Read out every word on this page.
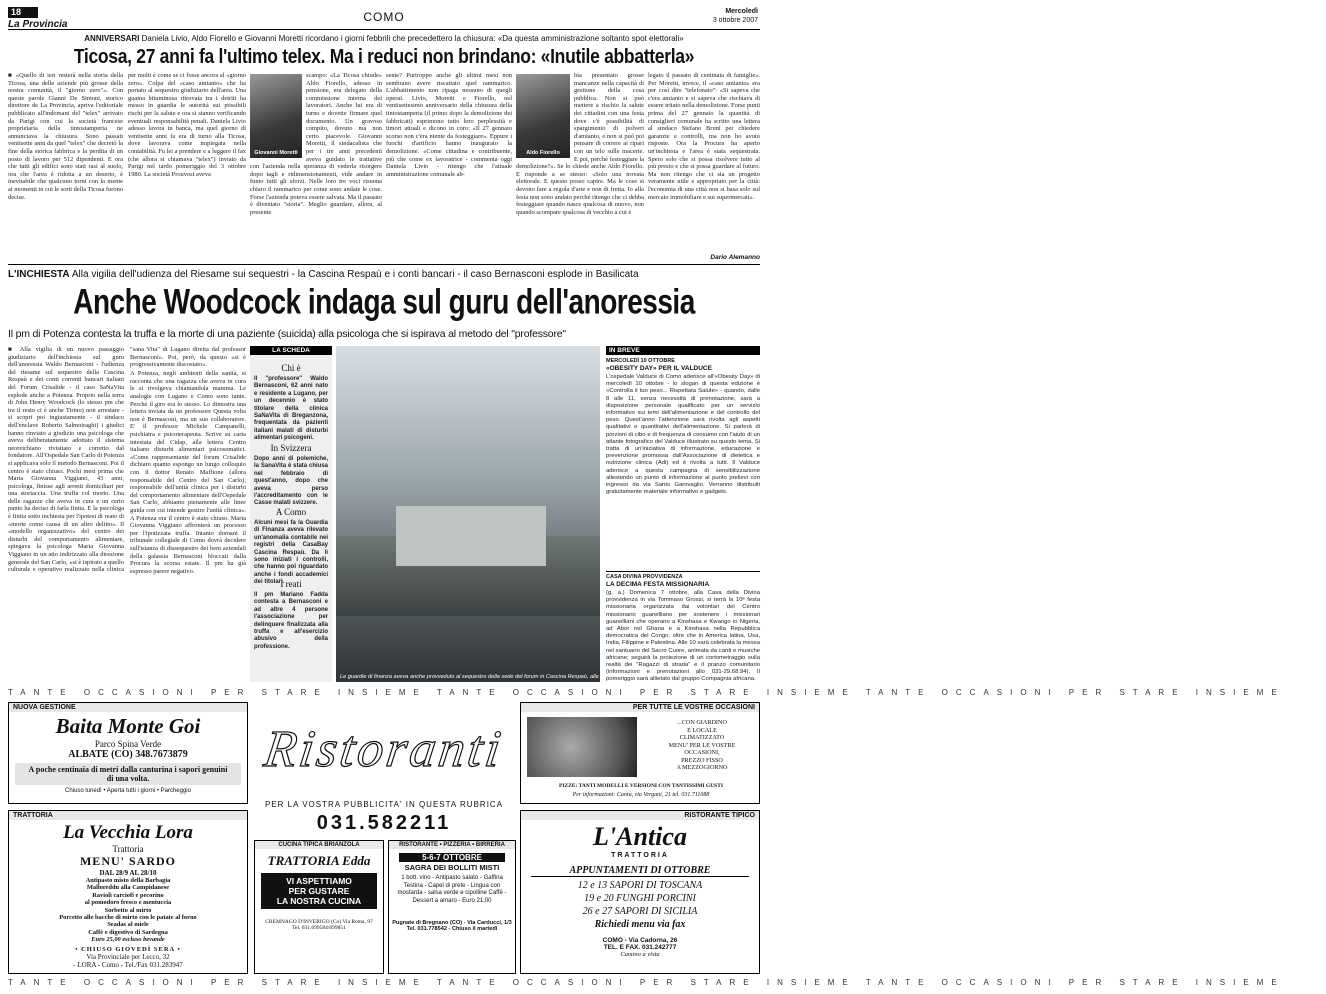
18
La Provincia
COMO	Mercoledì
3 ottobre 2007
ANNIVERSARI Daniela Livio, Aldo Fiorello e Giovanni Moretti ricordano i giorni febbrili che precedettero la chiusura: «Da questa amministrazione soltanto spot elettorali»
Ticosa, 27 anni fa l'ultimo telex. Ma i reduci non brindano: «Inutile abbatterla»

■ «Quello di ieri resterà nella storia della Ticosa, una delle aziende più grosse della nostra comunità, il "giorno zero"». Con queste parole Gianni De Simoni, storico direttore de La Provincia, apriva l'editoriale pubblicato all'indomani del "telex" arrivato da Parigi con cui la società francese proprietaria della tintostamperia ne annunciava la chiusura. Sono passati ventisette anni da quel "telex" che decretò la fine della storica fabbrica e la perdita di un posto di lavoro per 512 dipendenti. E ora che tutti gli edifici sono stati rasi al suolo, ora che l'area è ridotta a un deserto, è inevitabile che qualcuno torni con la mente ai momenti in cui le sorti della Ticosa furono decise.

per molti è come se ci fosse ancora al «giorno zero». Colpa del «caso amianto» che ha portato al sequestro giudiziario dell'area. Una guaina bituminosa ritrovata tra i detriti ha messo in guardia le autorità sui possibili rischi per la salute e ora si stanno verificando eventuali responsabilità penali. Daniela Livio adesso lavora in banca, ma quel giorno di ventisette anni fa era di turno alla Ticosa, dove lavorava come impiegata nella contabilità. Fu lei a prendere e a leggere il fax (che allora si chiamava "telex") inviato da Parigi nel tardo pomeriggio del 3 ottobre 1980. La società Prouvost aveva

Giovanni Moretti

scampo: «La Ticosa chiude» Aldo Fiorello, adesso in pensione, era delegato della commissione interna dei lavoratori. Anche lui era di turno e dovette firmare quel documento. Un gravoso compito, dovuto ma non certo piacevole. Giovanni Moretti, il sindacalista che per i tre anni precedenti aveva guidato le trattative con l'azienda nella speranza di vederla risorgere dopo tagli e ridimensionamenti, vide andare in fumo tutti gli sforzi. Nelle loro tre voci risuona chiaro il rammarico per come sono andate le cose. Forse l'azienda poteva essere salvata. Ma il passato è diventato "storia". Meglio guardare, allora, al presente

sente? Purtroppo anche gli ultimi mesi non sembrano avere riscattato quel rammarico. L'abbattimento non ripaga nessuno di quegli operai. Livio, Moretti e Fiorello, nel ventisettesimo anniversario della chiusura della tintostamperia (il primo dopo la demolizione dei fabbricati) esprimono tutto loro perplessità e timori attuali e dicono in coro: «Il 27 gennaio scorso non c'era niente da festeggiare». Eppure i fuochi d'artificio hanno inaugurato la demolizione. «Come cittadina e contribuente, più che come ex lavoratrice - commenta oggi Daniela Livio - ritengo che l'attuale amministrazione comunale ab-

bia presentato grosse mancanze nella capacità di gestione della cosa pubblica. Non si può mettere a rischio la salute dei cittadini con una festa dove c'è possibilità di spargimento di polveri d'amianto, e non si può poi pensare di correre ai ripari con un telo sulle macerie. E poi, perché festeggiare la demolizione?». Se lo chiede anche Aldo Fiorello. E risponde a se stesso: «Solo una trovata elettorale. E questo posso capire. Ma le cose si devono fare a regola d'arte e non di fretta. Io alla festa non sono andato perché ritengo che ci debba festeggiare quando nasce qualcosa di nuovo, non quando scompare qualcosa di vecchio a cui è

Aldo Fiorello

legato il passato di centinaia di famiglie». Per Moretti, invece, il «caso amianto» era per così dire "telefonato": «Si sapeva che c'era amianto e si sapeva che rischiava di essere tritato nella demolizione. Forse punti prima del 27 gennaio la quantità di consiglieri comunale ha scritto una lettera al sindaco Stefano Bruni per chiedere garanzie e controlli, ma non ho avuto risposte. Ora la Procura ha aperto un'inchiesta e l'area è stata sequestrata. Spero solo che si possa risolvere tutto al più presto e che si possa guardare al futuro. Ma non ritengo che ci sia un progetto veramente utile e appropriato per la città: l'economia di una città non si basa solo sul mercato immobiliare e sui supermercati».

Dario Alemanno
L'INCHIESTA Alla vigilia dell'udienza del Riesame sui sequestri - la Cascina Respaù e i conti bancari - il caso Bernasconi esplode in Basilicata
Anche Woodcock indaga sul guru dell'anoressia
Il pm di Potenza contesta la truffa e la morte di una paziente (suicida) alla psicologa che si ispirava al metodo del "professore"

■ Alla vigilia di un nuovo passaggio giudiziario dell'inchiesta sul guru dell'anoressia Waldo Bernasconi - l'udienza del riesame sul sequestro della Cascina Respaù e dei conti correnti bancari italiani del Forum Crisalide - il caso SaNaVita esplode anche a Potenza. Proprio nella terra di John Henry Woodcock (lo stesso pm che tra il resto ci è anche Tirino) non arrestare - si scopri poi ingiustamente - il sindaco dell'enclave Roberto Salmoiraghi) i giudici hanno rinviato a giudizio una psicologa che aveva deliberatamente adottato il sistema neoreichiano rivisitato e corretto dal fondatore. All'Ospedale San Carlo di Potenza si applicava solo il metodo Bernasconi. Poi il centro è stato chiuso. Pochi mesi prima che Maria Giovanna Viggiano, 43 anni, psicologa, finisse agli arresti domiciliari per una storiaccia. Una truffa col morto. Una delle ragazze che aveva in cura e un certo punto ha deciso di farla finita. E la psicologa è finita sotto inchiesta per l'ipotesi di reato di «morte come causa di un altro delitto». Il «modello organizzativo» del centro dei disturbi del comportamento alimentare, spiegava la psicologa Maria Giovanna Viggiano in un atto indirizzato alla direzione generale del San Carlo, «si è ispirato a quello culturale e operativo realizzato nella clinica "sana Vita" di Lugano diretta dal professor Bernasconi». Poi, però, da questo «si è progressivamente discostato».

A Potenza, negli ambienti della sanità, si racconta che una ragazza che aveva in cura le si rivolgeva chiamandola mamma. Le analogie con Lugano e Como sono tante. Perché il giro era lo stesso. Lo dimostra una lettera inviata da un professore Questa volta non è Bernasconi, ma un suo collaboratore. E' il professor Michele Campanelli, psichiatra e psicoterapeuta. Scrive su carta intestata del Cidap, alla lettera Centro italiano disturbi alimentari psicosomatici. «Come rappresentante del forum Crisalide dichiaro quanto espongo un lungo colloquio con il dottor Renato Maffione (allora responsabile del Centro del San Carlo), responsabile dell'unità clinica per i disturbi del comportamento alimentare dell'Ospedale San Carlo, abbiamo pienamente alle linee guida con cui intende gestire l'unità clinica». A Potenza ora il centro è stato chiuso. Maria Giovanna Viggiano affronterà un processo per l'ipotizzata truffa. Intanto domani il tribunale collegiale di Como dovrà decidere sull'istanza di dissequestro dei beni aziendali della galassia Bernasconi bloccati dalla Procura la scorsa estate. Il pm ha già espresso parere negativo.

LA SCHEDA
Chi è
Il "professore" Waldo Bernasconi, 62 anni nato e residente a Lugano, per un decennio è stato titolare della clinica SaNaVita di Breganzona, frequentata da pazienti italiani malati di disturbi alimentari psicogeni.
In Svizzera
Dopo anni di polemiche, la SanaVita è stata chiusa nel febbraio di quest'anno, dopo che aveva perso l'accreditamento con le Casse malati svizzere.
A Como
Alcuni mesi fa la Guardia di Finanza aveva rilevato un'anomalia contabile nei registri della CasaBay Cascina Respaù. Da lì sono iniziati i controlli, che hanno poi riguardato anche i fondi accademici dei titolari.
I reati
Il pm Mariano Fadda contesta a Bernasconi e ad altre 4 persone l'associazione per delinquere finalizzata alla truffa e all'esercizio abusivo della professione.
Le guardie di finanza aveva anche provveduto al sequestro della sede del forum in Cascina Respaù, alle pendici del Baradello
IN BREVE
MERCOLEDÌ 10 OTTOBRE
«OBESITY DAY» PER IL VALDUCE
L'ospedale Valduce di Como aderisce all'«Obesity Day» di mercoledì 10 ottobre - lo slogan di questa edizione è «Controlla il tuo peso... Rispettata Salute» - quando, dalle 8 alle 11, senza necessità di prenotazione, sarà a disposizione personale qualificato per un servizio informativo sui temi dell'alimentazione e del controllo del peso. Quest'anno l'attenzione sarà rivolta agli aspetti qualitativi e quantitativi dell'alimentazione. Si parlerà di porzioni di cibo e di frequenza di consumo con l'aiuto di un atlante fotografico del Valduce illustrato su questo tema. Si tratta di un'iniziativa di informazione, educazione e prevenzione promossa dall'Associazione di dietetica e nutrizione clinica (Adi) ed è rivolta a tutti. Il Valduce aderisce a questa campagna di sensibilizzazione allestendo un punto di informazione al punto prelievi con ingresso da via Santo Garovaglio. Verranno distribuiti gratuitamente materiale informativo e gadgets.
CASA DIVINA PROVVIDENZA
LA DECIMA FESTA MISSIONARIA
(g. a.) Domenica 7 ottobre, alla Casa della Divina provvidenza in via Tommaso Grossi, si terrà la 10ª festa missionaria organizzata dai volontari del Centro missionario guanelliano per sostenere i missionari guanelliani che operano a Kinshasa e Kwango in Nigeria, ad Abor nel Ghana e a Kinshasa nella Repubblica democratica del Congo, oltre che in America latina, Usa, India, Filippine e Palestina. Alle 10 sarà celebrata la messa nel santuario del Sacro Cuore, animata da canti e musiche africane; seguirà la proiezione di un cortometraggio sulla realtà dei "Ragazzi di strada" e il pranzo comunitario (informazioni e prenotazioni allo 031-29.68.94). Il pomeriggio sarà allietato dal gruppo Compagnia africana.
TANTE OCCASIONI PER STARE INSIEME TANTE OCCASIONI PER STARE INSIEME TANTE OCCASIONI PER STARE INSIEME
NUOVA GESTIONE
Baita Monte Goi
Parco Spina Verde
ALBATE (CO) 348.7673879
A poche centinaia di metri dalla canturina i sapori genuini di una volta.
Chiuso lunedì • Aperta tutti i giorni • Parcheggio
PER TUTTE LE VOSTRE OCCASIONI
...CON GIARDINO
E LOCALE
CLIMATIZZATO
MENU' PER LE VOSTRE
OCCASIONI,
PREZZO FISSO
A MEZZOGIORNO
PIZZE: TANTI MODELLI E VERSIONI CON TANTISSIMI GUSTI
Per informazioni: Cantù, via Vergani, 21 tel. 031.711088
Ristoranti
TRATTORIA
La Vecchia Lora
Trattoria
MENU' SARDO
DAL 28/9 AL 28/10
Antipasto misto della Barbagia
Malloreddu alla Campidanese
Ravioli carciofi e pecorino
al pomodoro fresco e mentuccia
Sorbetto al mirto
Porcetto alle bacche di mirto con le patate al forno
Seadas al miele
Caffè e digestivo di Sardegna
Euro 25,00 escluso bevande
• CHIUSO GIOVEDÌ SERA •
Via Provinciale per Lecco, 32
- LORA - Como - Tel./Fax 031.283947
PER LA VOSTRA PUBBLICITA' IN QUESTA RUBRICA
031.582211
CUCINA TIPICA BRIANZOLA
TRATTORIA Edda
VI ASPETTIAMO
PER GUSTARE
LA NOSTRA CUCINA
CREMNAGO D'INVERIGO (Co) Via Roma, 97
Tel. 031.699584/699851
RISTORANTE • PIZZERIA • BIRRERIA
5-6-7 OTTOBRE
SAGRA DEI BOLLITI MISTI
1 bott. vino - Antipasto salato - Gaffina Testina - Capel di prete - Lingua con mostarda - salsa verde e cipolline Caffè - Dessert a amaro - Euro 21,00
Pugnate di Bregnano (CO) - Via Carducci, 1/3
Tel. 031.778542 - Chiuso il martedì
RISTORANTE TIPICO
L'Antica
TRATTORIA
APPUNTAMENTI DI OTTOBRE
12 e 13 SAPORI DI TOSCANA
19 e 20 FUNGHI PORCINI
26 e 27 SAPORI DI SICILIA
Richiedi menu via fax
COMO - Via Cadorna, 26
TEL. E FAX. 031.242777
Camino a vista
TANTE OCCASIONI PER STARE INSIEME TANTE OCCASIONI PER STARE INSIEME TANTE OCCASIONI PER STARE INSIEME
